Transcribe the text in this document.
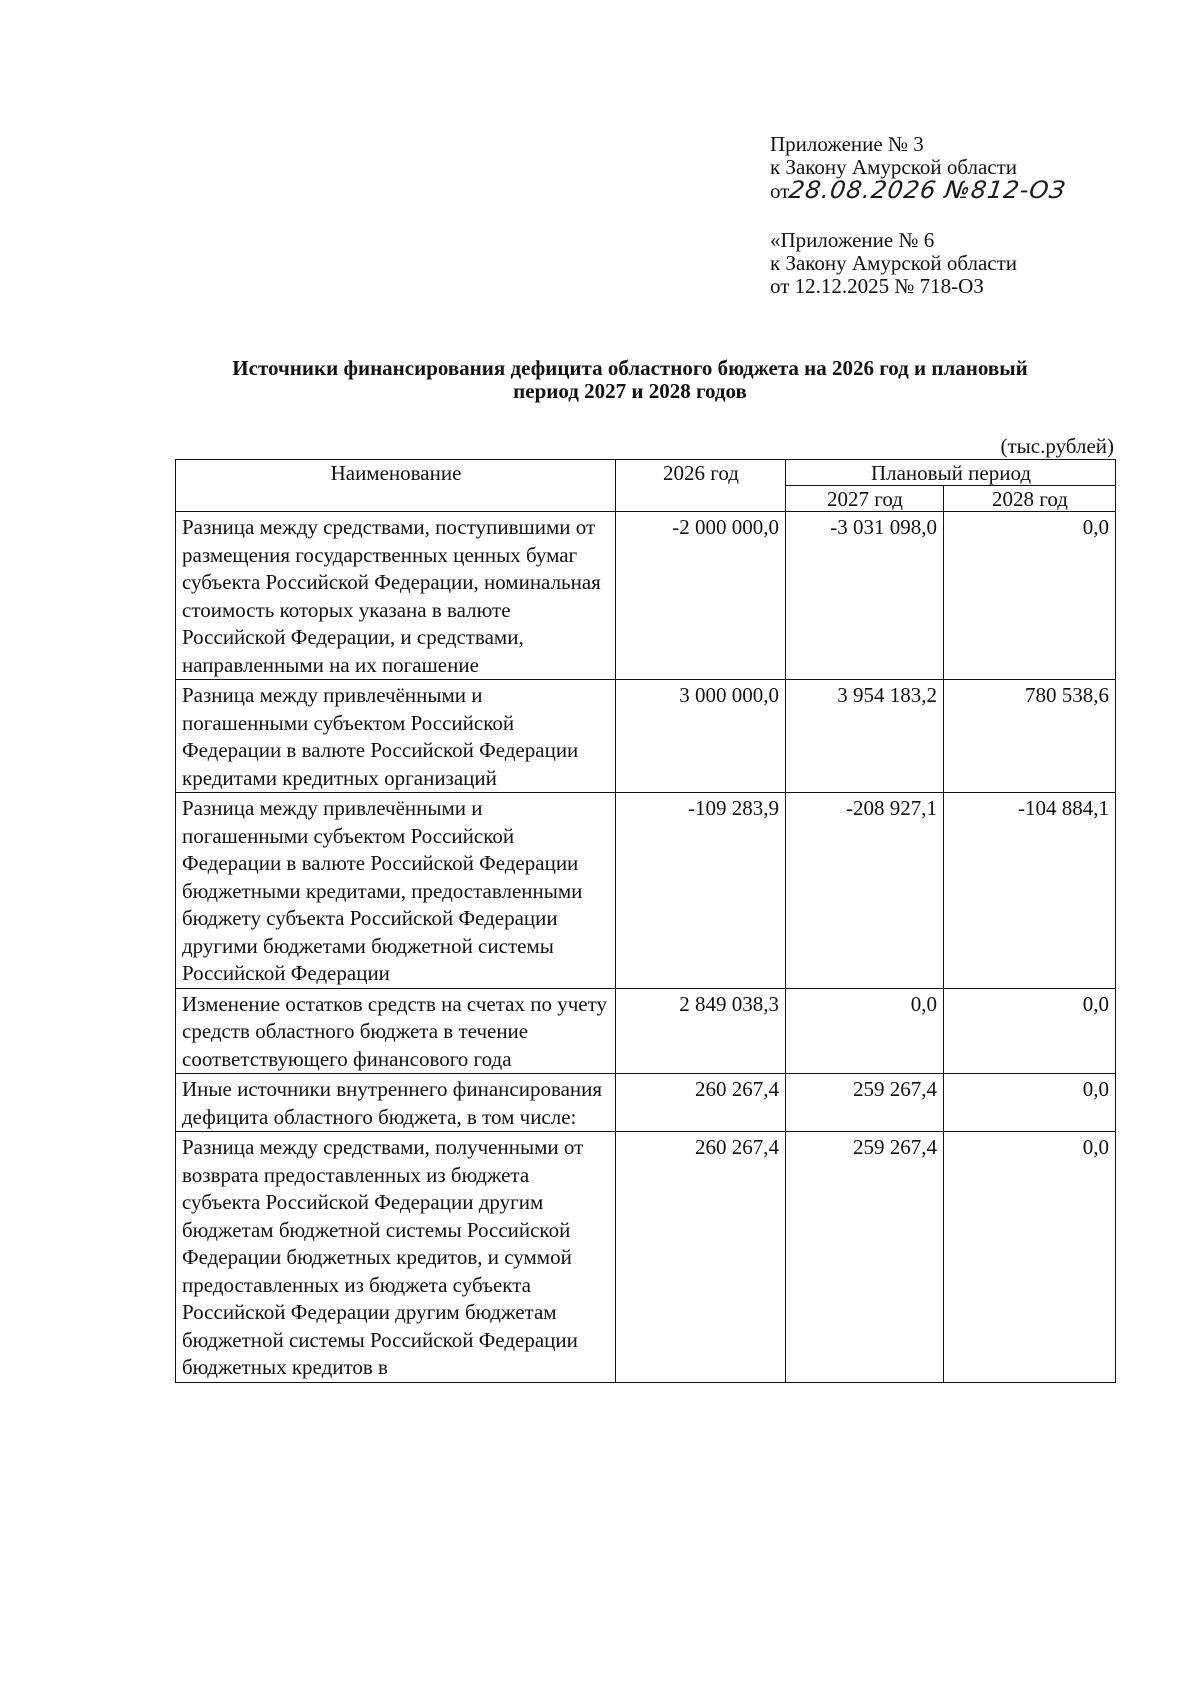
Приложение № 3
к Закону Амурской области
от28.08.2026 №812-ОЗ
«Приложение № 6
к Закону Амурской области
от 12.12.2025 № 718-ОЗ
Источники финансирования дефицита областного бюджета на 2026 год и плановый
период 2027 и 2028 годов
(тыс.рублей)
Наименование	2026 год	Плановый период	
		2027 год	2028 год
Разница между средствами, поступившими от размещения государственных ценных бумаг субъекта Российской Федерации, номинальная стоимость которых указана в валюте Российской Федерации, и средствами, направленными на их погашение	-2 000 000,0	-3 031 098,0	0,0
Разница между привлечёнными и погашенными субъектом Российской Федерации в валюте Российской Федерации кредитами кредитных организаций	3 000 000,0	3 954 183,2	780 538,6
Разница между привлечёнными и погашенными субъектом Российской Федерации в валюте Российской Федерации бюджетными кредитами, предоставленными бюджету субъекта Российской Федерации другими бюджетами бюджетной системы Российской Федерации	-109 283,9	-208 927,1	-104 884,1
Изменение остатков средств на счетах по учету средств областного бюджета в течение соответствующего финансового года	2 849 038,3	0,0	0,0
Иные источники внутреннего финансирования дефицита областного бюджета, в том числе:	260 267,4	259 267,4	0,0
Разница между средствами, полученными от возврата предоставленных из бюджета субъекта Российской Федерации другим бюджетам бюджетной системы Российской Федерации бюджетных кредитов, и суммой предоставленных из бюджета субъекта Российской Федерации другим бюджетам бюджетной системы Российской Федерации бюджетных кредитов в	260 267,4	259 267,4	0,0
